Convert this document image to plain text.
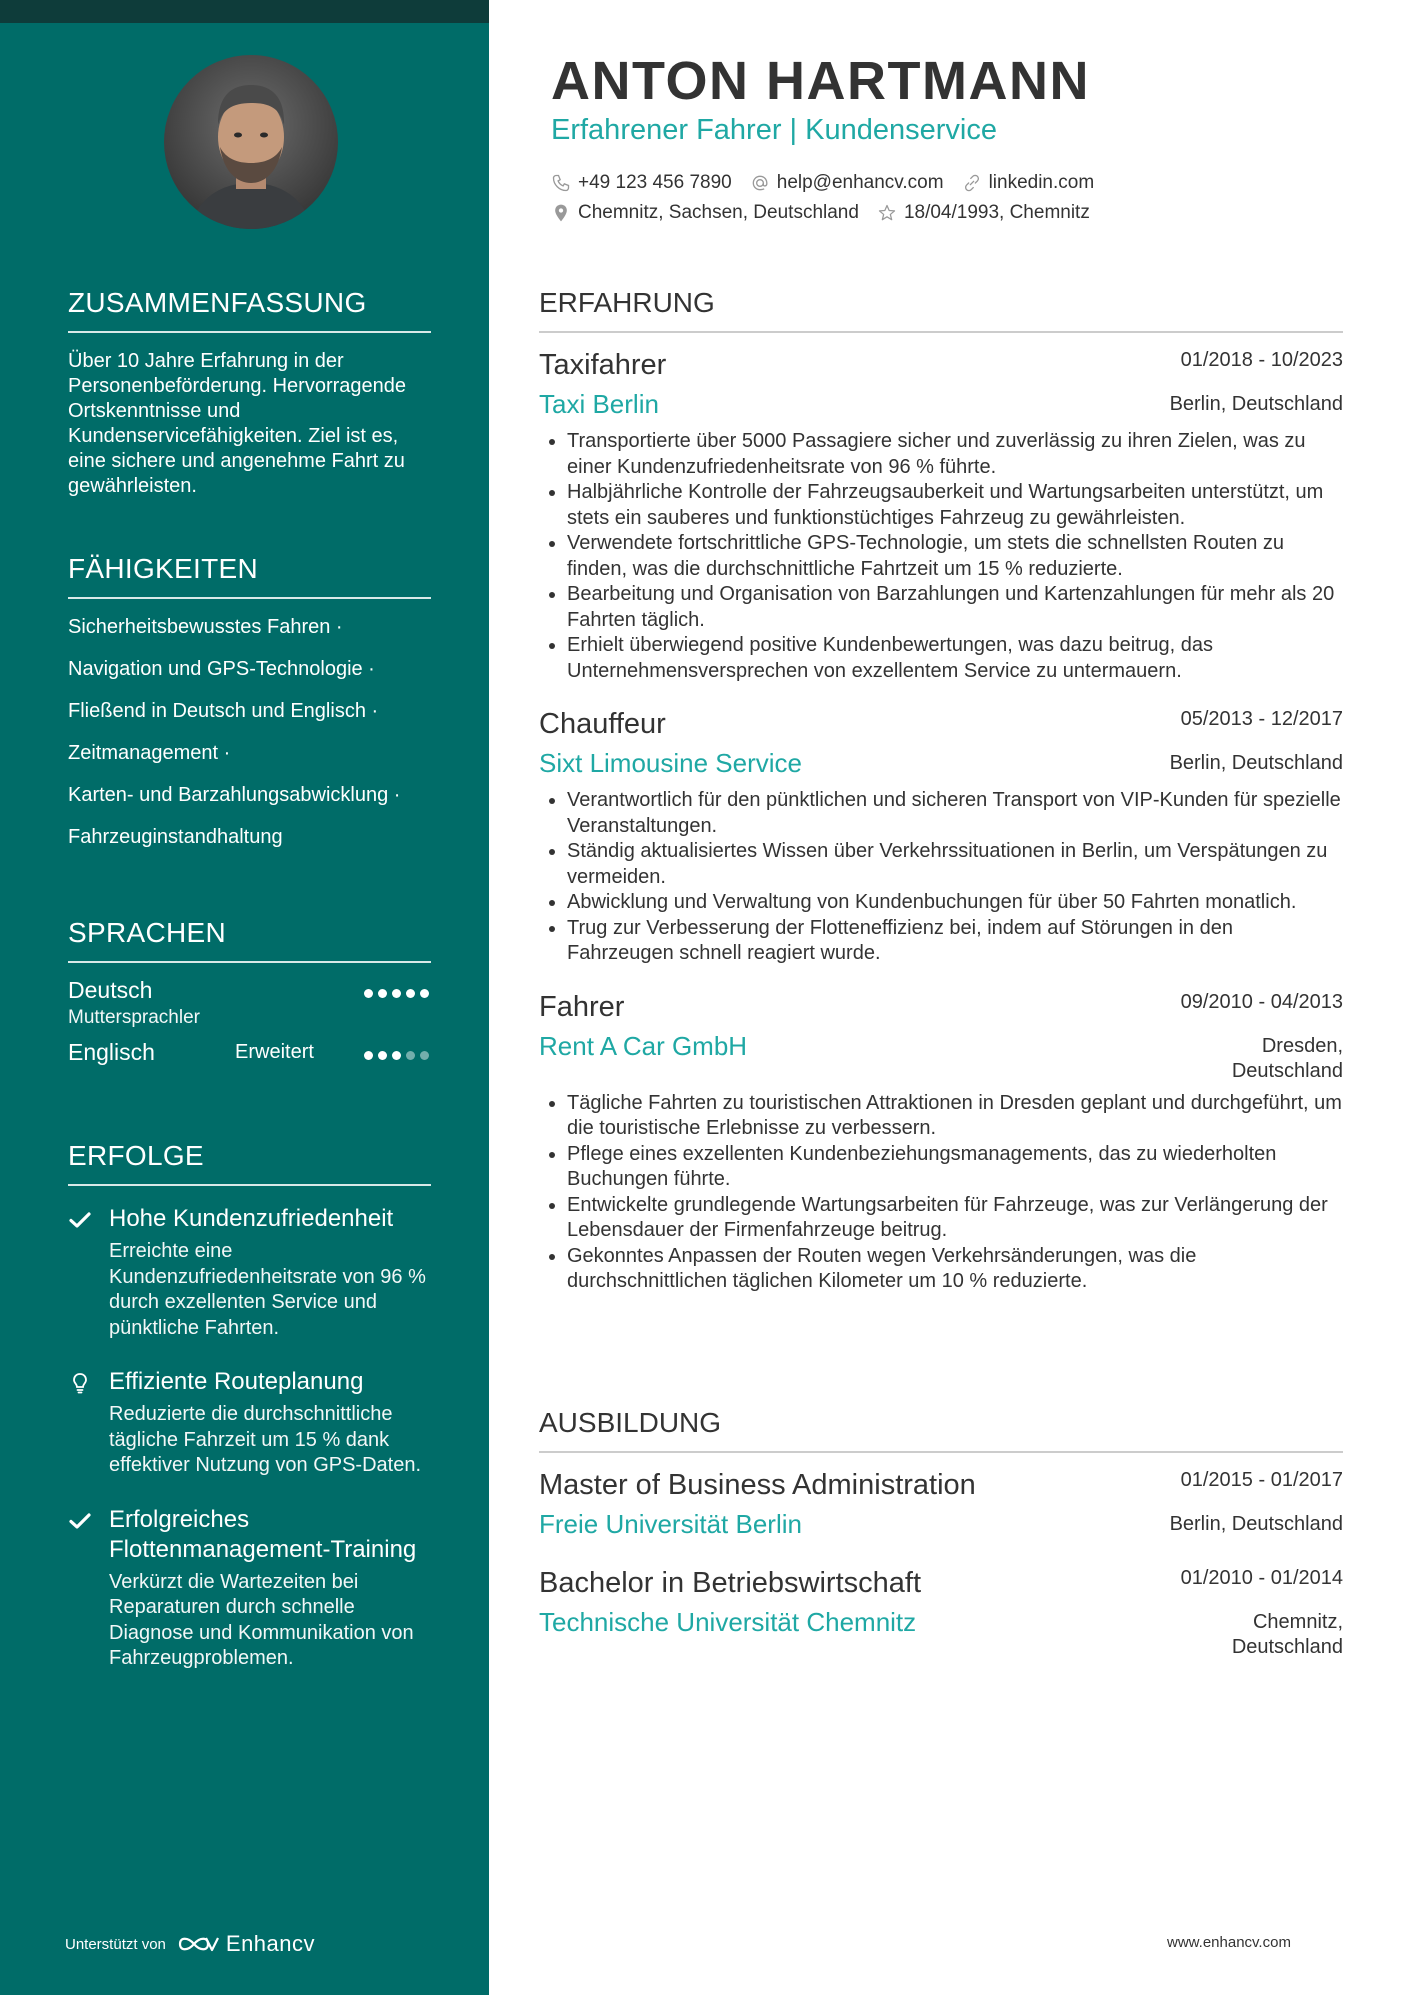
ZUSAMMENFASSUNG
Über 10 Jahre Erfahrung in der Personenbeförderung. Hervorragende Ortskenntnisse und Kundenservicefähigkeiten. Ziel ist es, eine sichere und angenehme Fahrt zu gewährleisten.
FÄHIGKEITEN
Sicherheitsbewusstes Fahren ·
Navigation und GPS-Technologie ·
Fließend in Deutsch und Englisch ·
Zeitmanagement ·
Karten- und Barzahlungsabwicklung ·
Fahrzeuginstandhaltung
SPRACHEN
Deutsch
Muttersprachler
Englisch	Erweitert
ERFOLGE
Hohe Kundenzufriedenheit
Erreichte eine Kundenzufriedenheitsrate von 96 % durch exzellenten Service und pünktliche Fahrten.
Effiziente Routeplanung
Reduzierte die durchschnittliche tägliche Fahrzeit um 15 % dank effektiver Nutzung von GPS-Daten.
Erfolgreiches Flottenmanagement-Training
Verkürzt die Wartezeiten bei Reparaturen durch schnelle Diagnose und Kommunikation von Fahrzeugproblemen.
Unterstützt von	Enhancv
ANTON HARTMANN
Erfahrener Fahrer | Kundenservice
+49 123 456 7890 help@enhancv.com linkedin.com
Chemnitz, Sachsen, Deutschland 18/04/1993, Chemnitz
ERFAHRUNG
Taxifahrer	01/2018 - 10/2023
Taxi Berlin	Berlin, Deutschland
• Transportierte über 5000 Passagiere sicher und zuverlässig zu ihren Zielen, was zu einer Kundenzufriedenheitsrate von 96 % führte.
• Halbjährliche Kontrolle der Fahrzeugsauberkeit und Wartungsarbeiten unterstützt, um stets ein sauberes und funktionstüchtiges Fahrzeug zu gewährleisten.
• Verwendete fortschrittliche GPS-Technologie, um stets die schnellsten Routen zu finden, was die durchschnittliche Fahrtzeit um 15 % reduzierte.
• Bearbeitung und Organisation von Barzahlungen und Kartenzahlungen für mehr als 20 Fahrten täglich.
• Erhielt überwiegend positive Kundenbewertungen, was dazu beitrug, das Unternehmensversprechen von exzellentem Service zu untermauern.
Chauffeur	05/2013 - 12/2017
Sixt Limousine Service	Berlin, Deutschland
• Verantwortlich für den pünktlichen und sicheren Transport von VIP-Kunden für spezielle Veranstaltungen.
• Ständig aktualisiertes Wissen über Verkehrssituationen in Berlin, um Verspätungen zu vermeiden.
• Abwicklung und Verwaltung von Kundenbuchungen für über 50 Fahrten monatlich.
• Trug zur Verbesserung der Flotteneffizienz bei, indem auf Störungen in den Fahrzeugen schnell reagiert wurde.
Fahrer	09/2010 - 04/2013
Rent A Car GmbH	Dresden,
Deutschland
• Tägliche Fahrten zu touristischen Attraktionen in Dresden geplant und durchgeführt, um die touristische Erlebnisse zu verbessern.
• Pflege eines exzellenten Kundenbeziehungsmanagements, das zu wiederholten Buchungen führte.
• Entwickelte grundlegende Wartungsarbeiten für Fahrzeuge, was zur Verlängerung der Lebensdauer der Firmenfahrzeuge beitrug.
• Gekonntes Anpassen der Routen wegen Verkehrsänderungen, was die durchschnittlichen täglichen Kilometer um 10 % reduzierte.
AUSBILDUNG
Master of Business Administration	01/2015 - 01/2017
Freie Universität Berlin	Berlin, Deutschland
Bachelor in Betriebswirtschaft	01/2010 - 01/2014
Technische Universität Chemnitz	Chemnitz,
Deutschland
www.enhancv.com
